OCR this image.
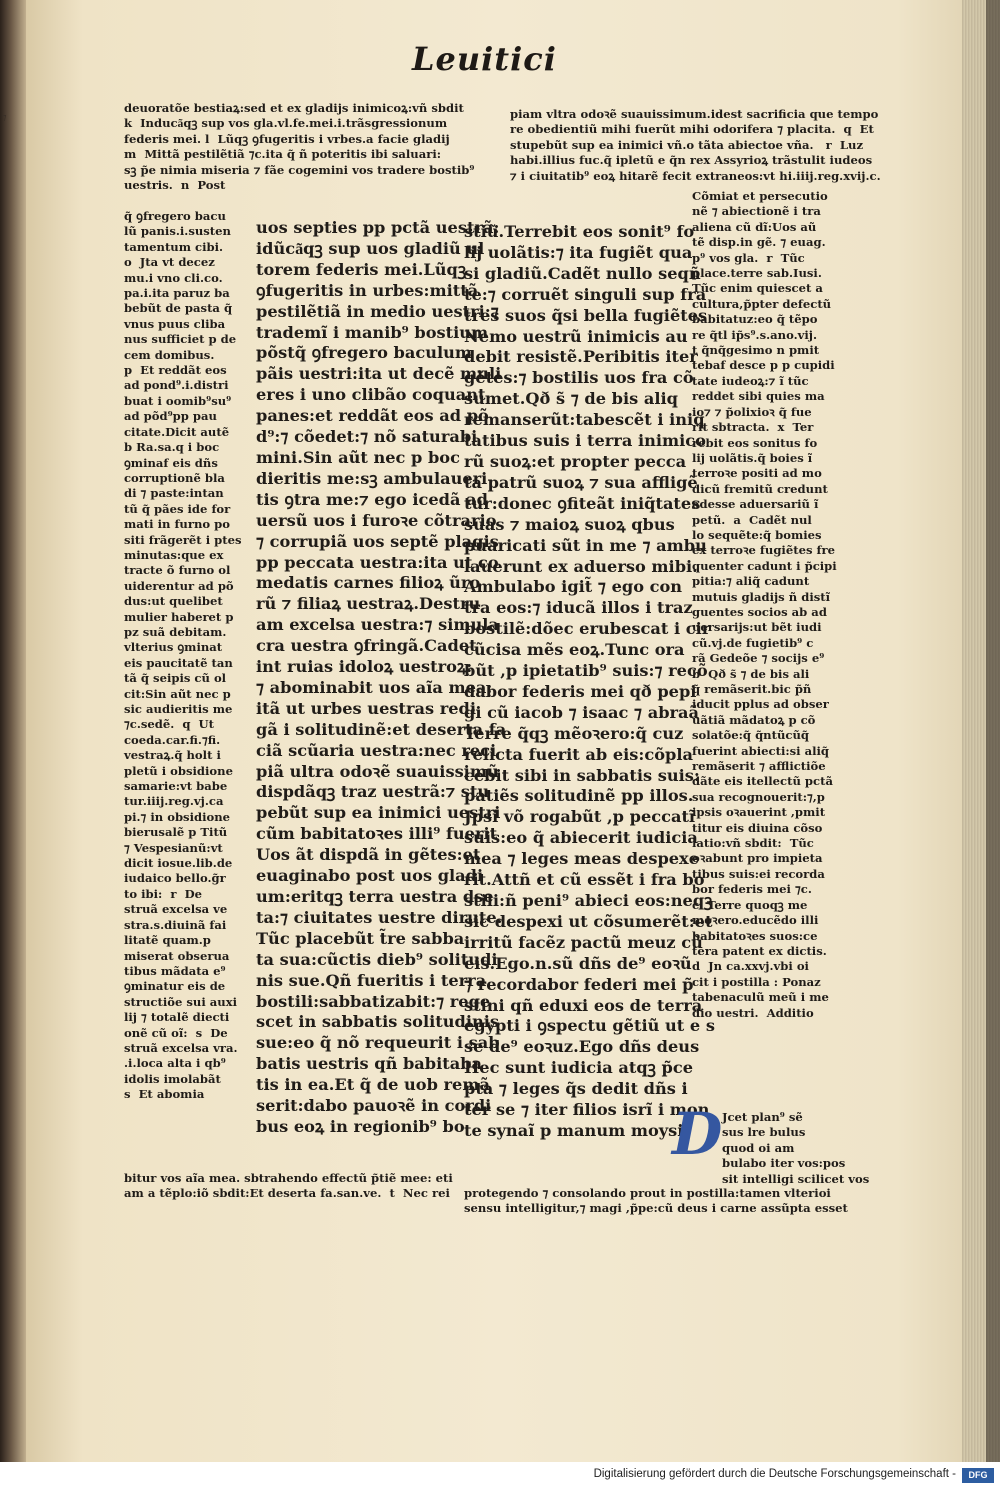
⁊
Leuitici
deuoratõe bestiaꝝ:sed et ex gladijs inimicoꝝ:vñ sbdit
k  Induca͂qꝫ sup vos gla.vl.fe.mei.i.trãsgressionum
federis mei. l  Lũqꝫ ꝯfugeritis i vrbes.a facie gladij
m  Mittã pestilẽtiã ⁊c.ita q̃ ñ poteritis ibi saluari:
sꝫ p̃e nimia miseria ⁊ fãe cogemini vos tradere bostib⁹
uestris.  n  Post
piam vltra odoꝛẽ suauissimum.idest sacrificia que tempo
re obedientiũ mihi fuerũt mihi odorifera ⁊ placita.  q  Et
stupebũt sup ea inimici vñ.o tãta abiectoe vña.   r  Luz
habi.illius fuc.q̃ ipletũ e q̃n rex Assyrioꝝ trãstulit iudeos
⁊ i ciuitatib⁹ eoꝝ hitarẽ fecit extraneos:vt hi.iiij.reg.xvij.c.
q̃ ꝯfregero bacu
lũ panis.i.susten
tamentum cibi.
o  Jta vt decez
mu.i vno cli.co.
pa.i.ita paruz ba
bebũt de pasta q̃
vnus puus cliba
nus sufficiet p de
cem domibus.
p  Et reddãt eos
ad pond⁹.i.distri
buat i oomib⁹su⁹
ad põd⁹pp pau
citate.Dicit autẽ
b Ra.sa.q i boc
ꝯminaf eis dñs
corruptionẽ bla
di ⁊ paste:intan
tũ q̃ pães ide for
mati in furno po
siti frãgerẽt i ptes
minutas:que ex
tracte õ furno ol
uiderentur ad põ
dus:ut quelibet
mulier haberet p
pz suã debitam.
vlterius ꝯminat
eis paucitatẽ tan
tã q̃ seipis cũ ol
cit:Sin aũt nec p
sic audieritis me
⁊c.sedẽ.  q  Ut
coeda.car.fi.⁊fi.
vestraꝝ.q̃ holt i
pletũ i obsidione
samarie:vt babe
tur.iiij.reg.vj.ca
pi.⁊ in obsidione
bierusalẽ p Titũ
⁊ Vespesianũ:vt
dicit iosue.lib.de
iudaico bello.g̃r
to ibi:  r  De
struã excelsa ve
stra.s.diuinã fai
litatẽ quam.p
miserat obserua
tibus mãdata e⁹
ꝯminatur eis de
structiõe sui auxi
lij ⁊ totalẽ diecti
onẽ cũ oĩ:  s  De
struã excelsa vra.
.i.loca alta i qb⁹
idolis imolabãt
s  Et abomia
uos septies pp pctã uestrã:
idũca͂qꝫ sup uos gladiũ ul
torem federis mei.Lũqꝫ
ꝯfugeritis in urbes:mittã
pestilẽtiã in medio uestri:⁊
trademĩ i manib⁹ bostium
põstq̃ ꝯfregero baculum
pãis uestri:ita ut decẽ muli
eres i uno clibão coquant
panes:et reddãt eos ad põ
d⁹:⁊ cõedet:⁊ nõ saturabi
mini.Sin aũt nec p boc
dieritis me:sꝫ ambulaueri
tis ꝯtra me:⁊ ego icedã ad
uersũ uos i furoꝛe cõtrario
⁊ corrupiã uos septẽ plagis
pp peccata uestra:ita ut co
medatis carnes filioꝝ ũro
rũ ⁊ filiaꝝ uestraꝝ.Destru
am excelsa uestra:⁊ simula
cra uestra ꝯfringã.Cadet
int ruias idoloꝝ uestroꝝ:
⁊ abominabit uos aĩa mea:
itã ut urbes uestras redi
gã i solitudinẽ:et deserta fa
ciã scũaria uestra:nec reci
piã ultra odoꝛẽ suauissimũ
dispdãqꝫ traz uestrã:⁊ stu
pebũt sup ea inimici uestri
cũm babitatoꝛes illi⁹ fuerit
Uos ãt dispdã in gẽtes:et
euaginabo post uos gladi
um:eritqꝫ terra uestra dse
ta:⁊ ciuitates uestre dirute.
Tũc placebũt t̃re sabba
ta sua:cũctis dieb⁹ solitudi
nis sue.Qñ fueritis i terra
bostili:sabbatizabit:⁊ rege
scet in sabbatis solitudinis
sue:eo q̃ nõ requeurit i sab
batis uestris qñ babitaba
tis in ea.Et q̃ de uob remã
serit:dabo pauoꝛẽ in cordi
bus eoꝝ in regionib⁹ bo
stiũ.Terrebit eos sonit⁹ fo
lij uolãtis:⁊ ita fugiẽt qua
si gladiũ.Cadẽt nullo seqñ
te:⁊ corruẽt singuli sup fra
tres suos q̃si bella fugiẽtes
Nemo uestrũ inimicis au
debit resistẽ.Peribitis iter
gẽtes:⁊ bostilis uos fra cõ
sumet.Qð s̃ ⁊ de bis aliq
remanserũt:tabescẽt i iniq
tatibus suis i terra inimico
rũ suoꝝ:et propter pecca
ta patrũ suoꝝ ⁊ sua affligẽ
tur:donec ꝯfiteãt iniq̃tates
suas ⁊ maioꝝ suoꝝ qbus
puaricati sũt in me ⁊ ambu
lauerunt ex aduerso mibi.
Ambulabo igit̃ ⁊ ego con
tra eos:⁊ iducã illos i traz
bostilẽ:dõec erubescat i cir
cũcisa mẽs eoꝝ.Tunc ora
bũt ,p ipietatib⁹ suis:⁊ recõ
dabor federis mei qð pepi
gi cũ iacob ⁊ isaac ⁊ abraã
Terre q̃qꝫ mẽoꝛero:q̃ cuz
relicta fuerit ab eis:cõpla
cebit sibi in sabbatis suis:
patiẽs solitudinẽ pp illos.
Jpsi võ rogabũt ,p peccatĩ
suis:eo q̃ abiecerit iudicia
mea ⁊ leges meas despexe
rit.Attñ et cũ essẽt i fra bo
stili:ñ peni⁹ abieci eos:neqꝫ
sic despexi ut cõsumerẽt:et
irritũ facẽz pactũ meuz cũ
eis.Ego.n.sũ dñs de⁹ eoꝛũ
⁊ recordabor federi mei p̃
stini qñ eduxi eos de terra
egypti i ꝯspectu gẽtiũ ut e s
se de⁹ eoꝛuz.Ego dñs deus
Hec sunt iudicia atqꝫ p̃ce
pta ⁊ leges q̃s dedit dñs i
ter se ⁊ iter filios isrĩ i mon
te synaĩ p manum moysi.
Cõmiat et persecutio
nẽ ⁊ abiectionẽ i tra
aliena cũ dĩ:Uos aũ
tẽ disp.in gẽ. ⁊ euag.
p⁹ vos gla.  r  Tũc
place.terre sab.Iusi.
Tũc enim quiescet a
cultura,p̃pter defectũ
babitatuz:eo q̃ tẽpo
re q̃tl ip̃s⁹.s.ano.vij.
t q̃nq̃gesimo n pmit
tebaf desce p p cupidi
tate iudeoꝝ:⁊ ĩ tũc
reddet sibi quies ma
io⁊ ⁊ p̃olixioꝛ q̃ fue
rit sbtracta.  x  Ter
rebit eos sonitus fo
lij uolãtis.q̃ boies ĩ
terroꝛe positi ad mo
dicũ fremitũ credunt
adesse aduersariũ ĩ
petũ.  a  Cadẽt nul
lo sequẽte:q̃ bomies
ex terroꝛe fugiẽtes fre
quenter cadunt i p̃cipi
pitia:⁊ aliq̃ cadunt
mutuis gladijs ñ distĩ
guentes socios ab ad
uersarijs:ut bẽt iudi
cũ.vj.de fugietib⁹ c
rã Gedeõe ⁊ socijs e⁹
b  Qð s̃ ⁊ de bis ali
q̃ remãserit.bic p̃ñ
iducit pplus ad obser
uãtiã mãdatoꝝ p cõ
solatõe:q̃ q̃ntũcũq̃
fuerint abiecti:si aliq̃
remãserit ⁊ afflictiõe
dãte eis itellectũ pctã
sua recognouerit:⁊,p
ipsis oꝛauerint ,pmit
titur eis diuina cõso
latio:vñ sbdit:  Tũc
oꝛabunt pro impieta
tibus suis:ei recorda
bor federis mei ⁊c.
c  Terre quoqꝫ me
moꝛero.educẽdo illi
babitatoꝛes suos:ce
tera patent ex dictis.
d  Jn ca.xxvj.vbi oi
cit i postilla : Ponaz
tabenaculũ meũ i me
dio uestri.  Additio
Jcet plan⁹ sẽ
sus lre bulus
quod oi am
bulabo iter vos:pos
sit intelligi scilicet vos
D
bitur vos aĩa mea. sbtrahendo effectũ p̃tiẽ mee: eti
am a tẽplo:iõ sbdit:Et deserta fa.san.ve.  t  Nec rei protegendo ⁊ consolando prout in postilla:tamen vlterioi
sensu intelligitur,⁊ magi ,p̃pe:cũ deus i carne assũpta esset
Digitalisierung gefördert durch die Deutsche Forschungsgemeinschaft -	DFG
